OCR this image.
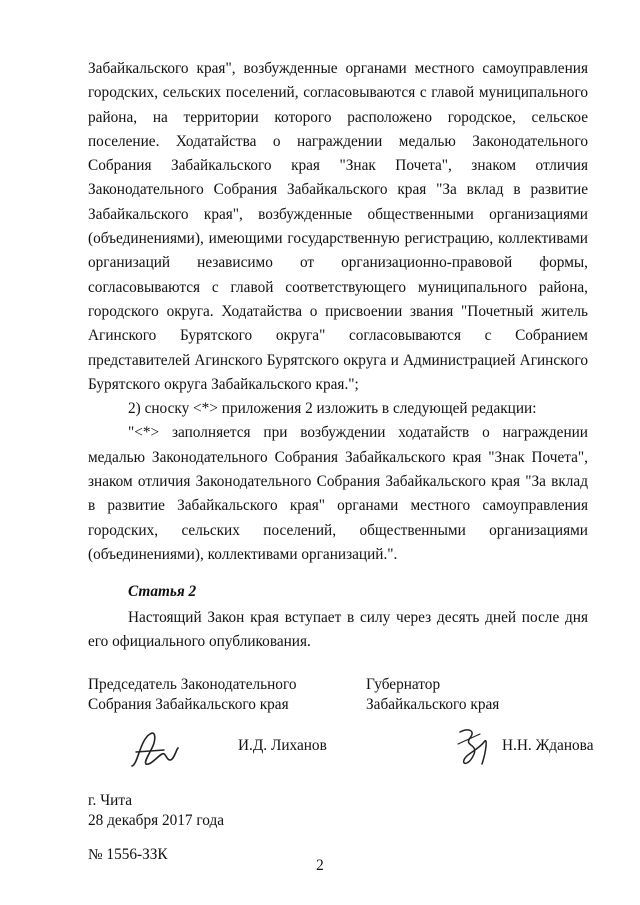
Забайкальского края", возбужденные органами местного самоуправления городских, сельских поселений, согласовываются с главой муниципального района, на территории которого расположено городское, сельское поселение. Ходатайства о награждении медалью Законодательного Собрания Забайкальского края "Знак Почета", знаком отличия Законодательного Собрания Забайкальского края "За вклад в развитие Забайкальского края", возбужденные общественными организациями (объединениями), имеющими государственную регистрацию, коллективами организаций независимо от организационно-правовой формы, согласовываются с главой соответствующего муниципального района, городского округа. Ходатайства о присвоении звания "Почетный житель Агинского Бурятского округа" согласовываются с Собранием представителей Агинского Бурятского округа и Администрацией Агинского Бурятского округа Забайкальского края.";

2) сноску <*> приложения 2 изложить в следующей редакции:

"<*> заполняется при возбуждении ходатайств о награждении медалью Законодательного Собрания Забайкальского края "Знак Почета", знаком отличия Законодательного Собрания Забайкальского края "За вклад в развитие Забайкальского края" органами местного самоуправления городских, сельских поселений, общественными организациями (объединениями), коллективами организаций.".

Статья 2

Настоящий Закон края вступает в силу через десять дней после дня его официального опубликования.

Председатель Законодательного
Собрания Забайкальского края
Губернатор
Забайкальского края
И.Д. Лиханов	Н.Н. Жданова
г. Чита
28 декабря 2017 года
№ 1556-ЗЗК
2
